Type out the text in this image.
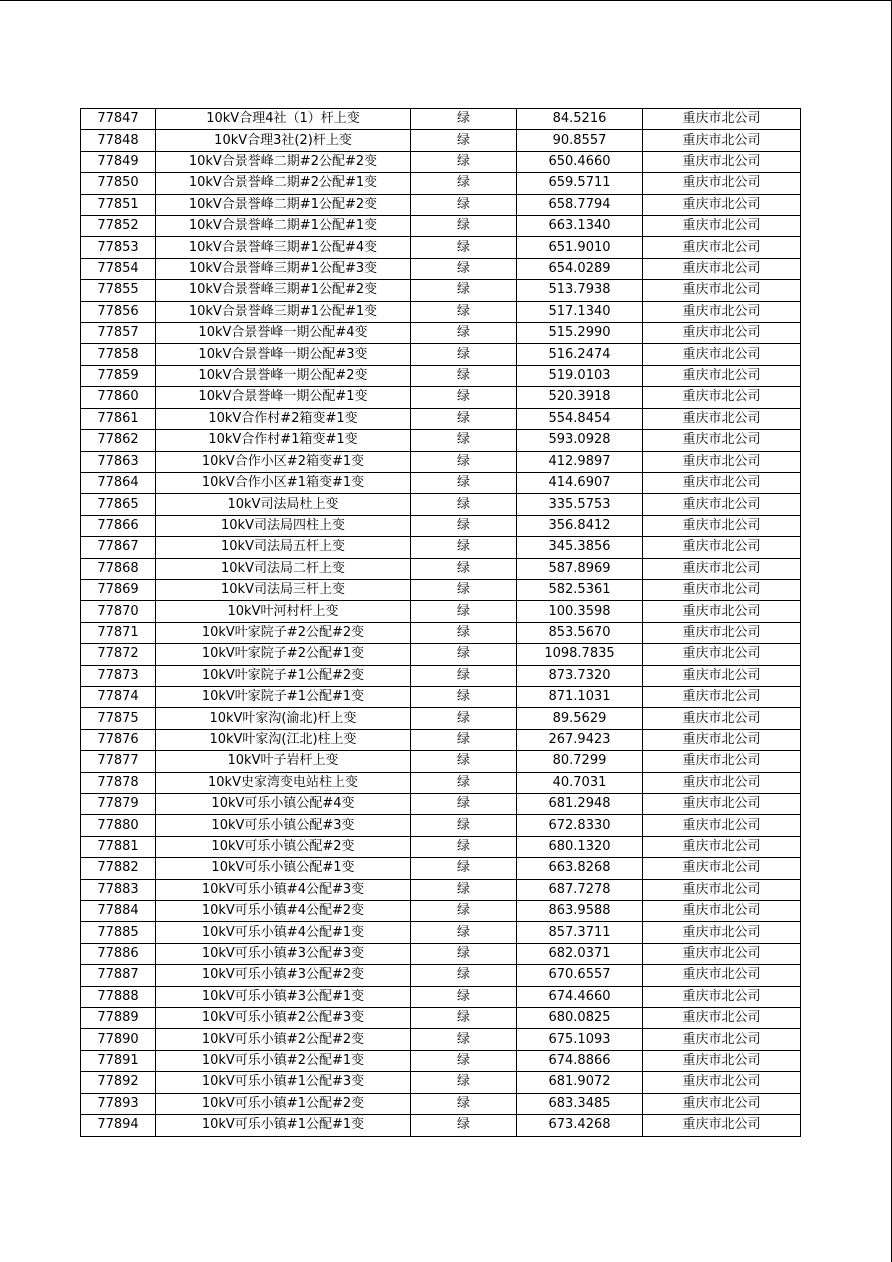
77847	10kV合理4社（1）杆上变	绿	84.5216	重庆市北公司
77848	10kV合理3社(2)杆上变	绿	90.8557	重庆市北公司
77849	10kV合景誉峰二期#2公配#2变	绿	650.4660	重庆市北公司
77850	10kV合景誉峰二期#2公配#1变	绿	659.5711	重庆市北公司
77851	10kV合景誉峰二期#1公配#2变	绿	658.7794	重庆市北公司
77852	10kV合景誉峰二期#1公配#1变	绿	663.1340	重庆市北公司
77853	10kV合景誉峰三期#1公配#4变	绿	651.9010	重庆市北公司
77854	10kV合景誉峰三期#1公配#3变	绿	654.0289	重庆市北公司
77855	10kV合景誉峰三期#1公配#2变	绿	513.7938	重庆市北公司
77856	10kV合景誉峰三期#1公配#1变	绿	517.1340	重庆市北公司
77857	10kV合景誉峰一期公配#4变	绿	515.2990	重庆市北公司
77858	10kV合景誉峰一期公配#3变	绿	516.2474	重庆市北公司
77859	10kV合景誉峰一期公配#2变	绿	519.0103	重庆市北公司
77860	10kV合景誉峰一期公配#1变	绿	520.3918	重庆市北公司
77861	10kV合作村#2箱变#1变	绿	554.8454	重庆市北公司
77862	10kV合作村#1箱变#1变	绿	593.0928	重庆市北公司
77863	10kV合作小区#2箱变#1变	绿	412.9897	重庆市北公司
77864	10kV合作小区#1箱变#1变	绿	414.6907	重庆市北公司
77865	10kV司法局杜上变	绿	335.5753	重庆市北公司
77866	10kV司法局四柱上变	绿	356.8412	重庆市北公司
77867	10kV司法局五杆上变	绿	345.3856	重庆市北公司
77868	10kV司法局二杆上变	绿	587.8969	重庆市北公司
77869	10kV司法局三杆上变	绿	582.5361	重庆市北公司
77870	10kV叶河村杆上变	绿	100.3598	重庆市北公司
77871	10kV叶家院子#2公配#2变	绿	853.5670	重庆市北公司
77872	10kV叶家院子#2公配#1变	绿	1098.7835	重庆市北公司
77873	10kV叶家院子#1公配#2变	绿	873.7320	重庆市北公司
77874	10kV叶家院子#1公配#1变	绿	871.1031	重庆市北公司
77875	10kV叶家沟(渝北)杆上变	绿	89.5629	重庆市北公司
77876	10kV叶家沟(江北)柱上变	绿	267.9423	重庆市北公司
77877	10kV叶子岩杆上变	绿	80.7299	重庆市北公司
77878	10kV史家湾变电站柱上变	绿	40.7031	重庆市北公司
77879	10kV可乐小镇公配#4变	绿	681.2948	重庆市北公司
77880	10kV可乐小镇公配#3变	绿	672.8330	重庆市北公司
77881	10kV可乐小镇公配#2变	绿	680.1320	重庆市北公司
77882	10kV可乐小镇公配#1变	绿	663.8268	重庆市北公司
77883	10kV可乐小镇#4公配#3变	绿	687.7278	重庆市北公司
77884	10kV可乐小镇#4公配#2变	绿	863.9588	重庆市北公司
77885	10kV可乐小镇#4公配#1变	绿	857.3711	重庆市北公司
77886	10kV可乐小镇#3公配#3变	绿	682.0371	重庆市北公司
77887	10kV可乐小镇#3公配#2变	绿	670.6557	重庆市北公司
77888	10kV可乐小镇#3公配#1变	绿	674.4660	重庆市北公司
77889	10kV可乐小镇#2公配#3变	绿	680.0825	重庆市北公司
77890	10kV可乐小镇#2公配#2变	绿	675.1093	重庆市北公司
77891	10kV可乐小镇#2公配#1变	绿	674.8866	重庆市北公司
77892	10kV可乐小镇#1公配#3变	绿	681.9072	重庆市北公司
77893	10kV可乐小镇#1公配#2变	绿	683.3485	重庆市北公司
77894	10kV可乐小镇#1公配#1变	绿	673.4268	重庆市北公司
